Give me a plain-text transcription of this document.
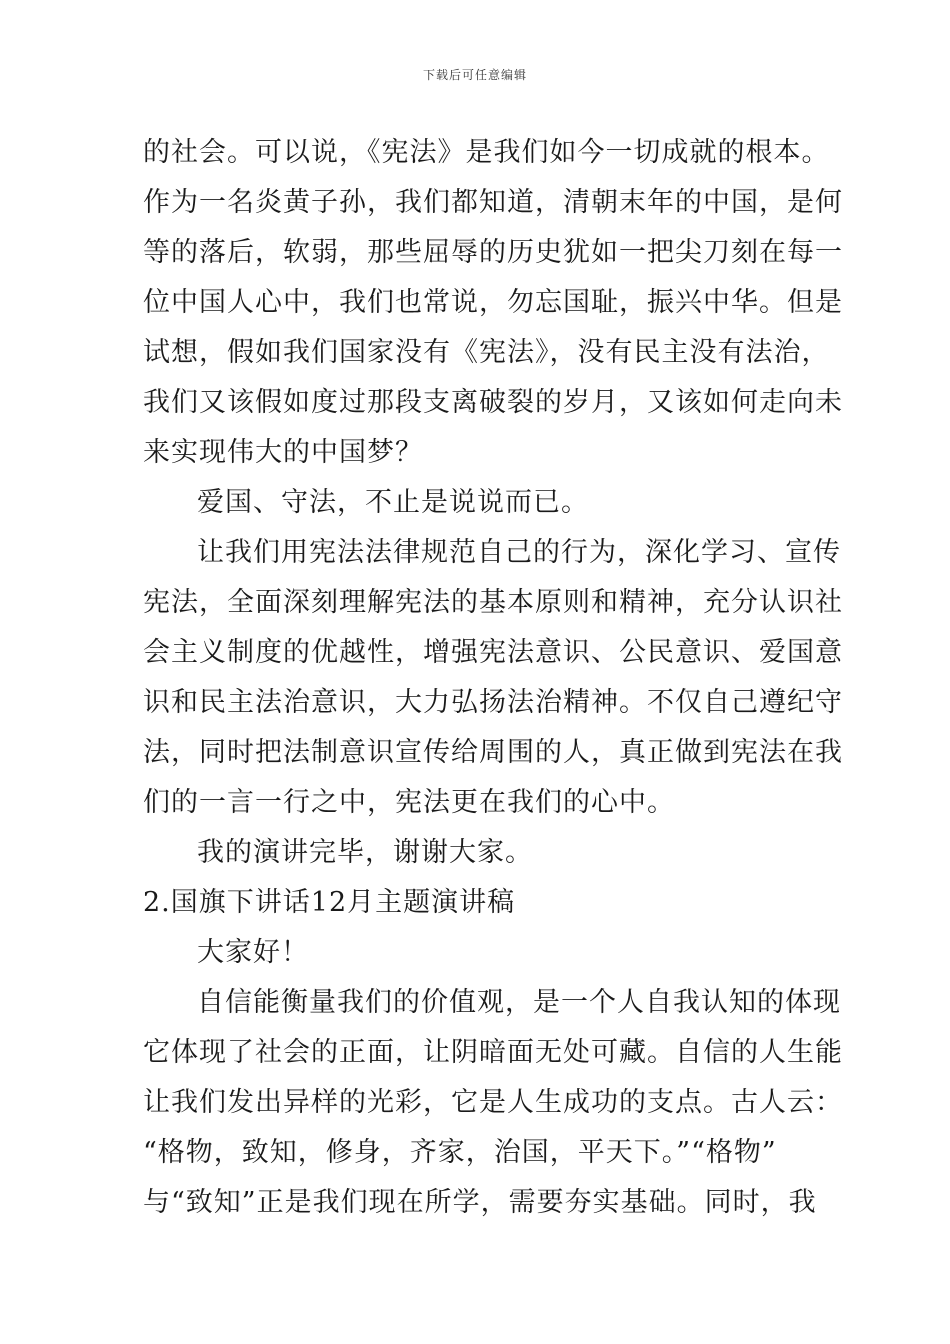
下载后可任意编辑
的社会。可以说，《宪法》是我们如今一切成就的根本。
作为一名炎黄子孙，我们都知道，清朝末年的中国，是何
等的落后，软弱，那些屈辱的历史犹如一把尖刀刻在每一
位中国人心中，我们也常说，勿忘国耻，振兴中华。但是
试想，假如我们国家没有《宪法》，没有民主没有法治，
我们又该假如度过那段支离破裂的岁月，又该如何走向未
来实现伟大的中国梦？
爱国、守法，不止是说说而已。
让我们用宪法法律规范自己的行为，深化学习、宣传
宪法，全面深刻理解宪法的基本原则和精神，充分认识社
会主义制度的优越性，增强宪法意识、公民意识、爱国意
识和民主法治意识，大力弘扬法治精神。不仅自己遵纪守
法，同时把法制意识宣传给周围的人，真正做到宪法在我
们的一言一行之中，宪法更在我们的心中。
我的演讲完毕，谢谢大家。
2.国旗下讲话12月主题演讲稿
大家好！
自信能衡量我们的价值观，是一个人自我认知的体现
它体现了社会的正面，让阴暗面无处可藏。自信的人生能
让我们发出异样的光彩，它是人生成功的支点。古人云：
“格物，致知，修身，齐家，治国，平天下。”“格物”
与“致知”正是我们现在所学，需要夯实基础。同时，我
